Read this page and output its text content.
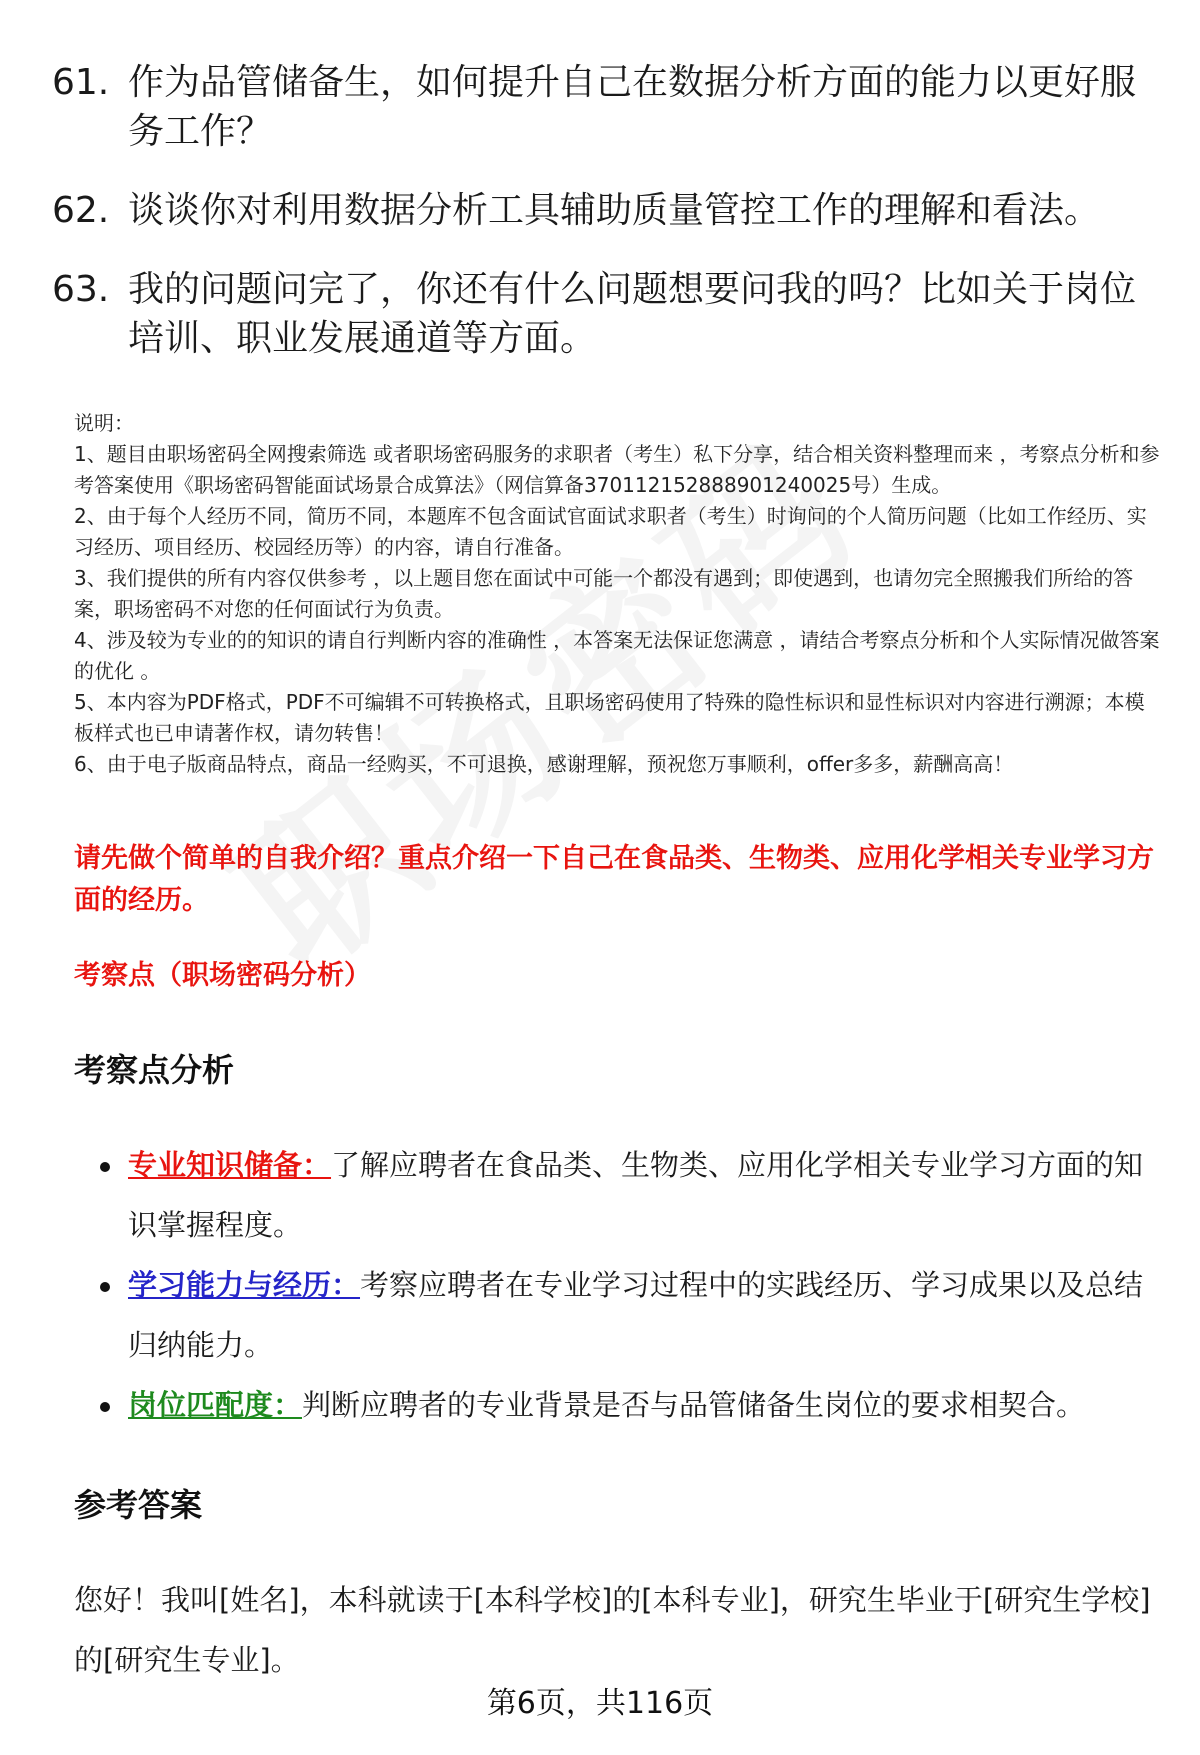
61. 作为品管储备生，如何提升自己在数据分析方面的能力以更好服务工作？
62. 谈谈你对利用数据分析工具辅助质量管控工作的理解和看法。
63. 我的问题问完了，你还有什么问题想要问我的吗？比如关于岗位培训、职业发展通道等方面。

说明：

1、题目由职场密码全网搜索筛选 或者职场密码服务的求职者（考生）私下分享，结合相关资料整理而来 ，考察点分析和参考答案使用《职场密码智能面试场景合成算法》（网信算备370112152888901240025号）生成。

2、由于每个人经历不同，简历不同，本题库不包含面试官面试求职者（考生）时询问的个人简历问题（比如工作经历、实习经历、项目经历、校园经历等）的内容，请自行准备。

3、我们提供的所有内容仅供参考 ，以上题目您在面试中可能一个都没有遇到；即使遇到，也请勿完全照搬我们所给的答案，职场密码不对您的任何面试行为负责。

4、涉及较为专业的的知识的请自行判断内容的准确性 ，本答案无法保证您满意 ，请结合考察点分析和个人实际情况做答案的优化 。

5、本内容为PDF格式，PDF不可编辑不可转换格式，且职场密码使用了特殊的隐性标识和显性标识对内容进行溯源；本模板样式也已申请著作权，请勿转售！

6、由于电子版商品特点，商品一经购买，不可退换，感谢理解，预祝您万事顺利，offer多多，薪酬高高！

请先做个简单的自我介绍？重点介绍一下自己在食品类、生物类、应用化学相关专业学习方面的经历。
考察点（职场密码分析）
考察点分析
专业知识储备：了解应聘者在食品类、生物类、应用化学相关专业学习方面的知识掌握程度。
学习能力与经历：考察应聘者在专业学习过程中的实践经历、学习成果以及总结归纳能力。
岗位匹配度：判断应聘者的专业背景是否与品管储备生岗位的要求相契合。
参考答案
您好！我叫[姓名]，本科就读于[本科学校]的[本科专业]，研究生毕业于[研究生学校]的[研究生专业]。
第6页，共116页
